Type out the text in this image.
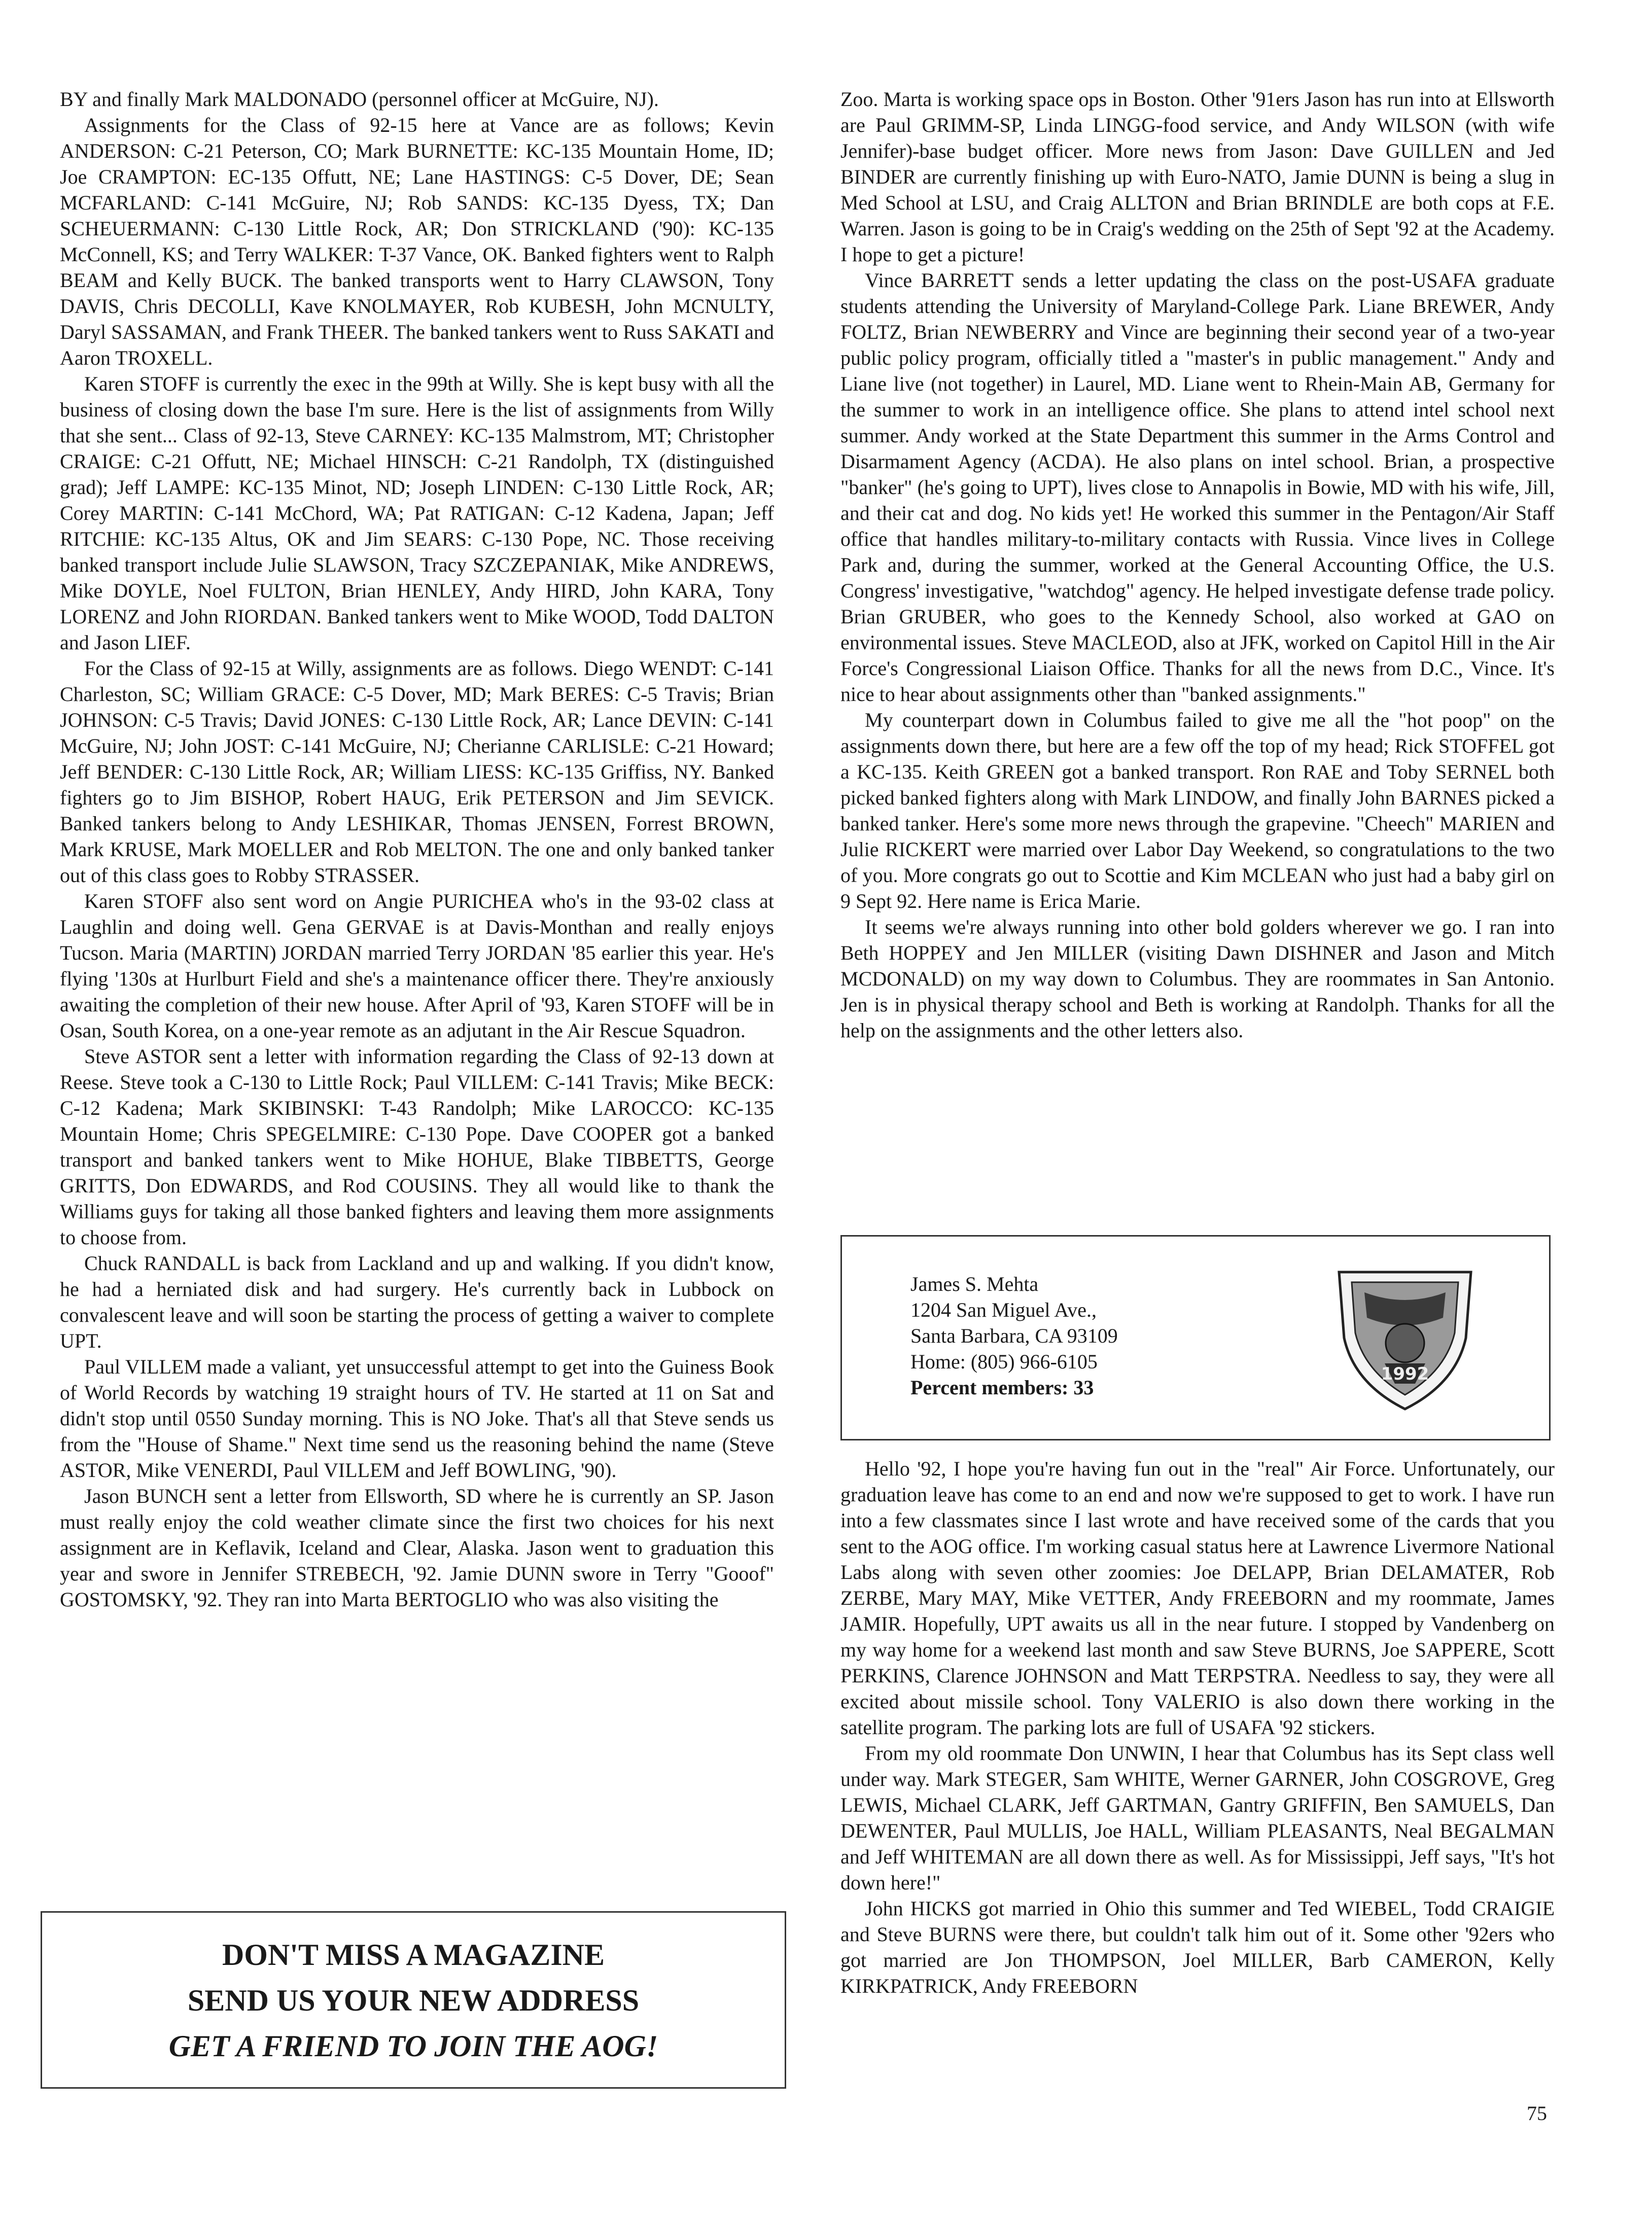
BY and finally Mark MALDONADO (personnel officer at McGuire, NJ).

Assignments for the Class of 92-15 here at Vance are as follows; Kevin ANDERSON: C-21 Peterson, CO; Mark BURNETTE: KC-135 Mountain Home, ID; Joe CRAMPTON: EC-135 Offutt, NE; Lane HASTINGS: C-5 Dover, DE; Sean MCFARLAND: C-141 McGuire, NJ; Rob SANDS: KC-135 Dyess, TX; Dan SCHEUERMANN: C-130 Little Rock, AR; Don STRICKLAND ('90): KC-135 McConnell, KS; and Terry WALKER: T-37 Vance, OK. Banked fighters went to Ralph BEAM and Kelly BUCK. The banked transports went to Harry CLAWSON, Tony DAVIS, Chris DECOLLI, Kave KNOLMAYER, Rob KUBESH, John MCNULTY, Daryl SASSAMAN, and Frank THEER. The banked tankers went to Russ SAKATI and Aaron TROXELL.

Karen STOFF is currently the exec in the 99th at Willy. She is kept busy with all the business of closing down the base I'm sure. Here is the list of assignments from Willy that she sent... Class of 92-13, Steve CARNEY: KC-135 Malmstrom, MT; Christopher CRAIGE: C-21 Offutt, NE; Michael HINSCH: C-21 Randolph, TX (distinguished grad); Jeff LAMPE: KC-135 Minot, ND; Joseph LINDEN: C-130 Little Rock, AR; Corey MARTIN: C-141 McChord, WA; Pat RATIGAN: C-12 Kadena, Japan; Jeff RITCHIE: KC-135 Altus, OK and Jim SEARS: C-130 Pope, NC. Those receiving banked transport include Julie SLAWSON, Tracy SZCZEPANIAK, Mike ANDREWS, Mike DOYLE, Noel FULTON, Brian HENLEY, Andy HIRD, John KARA, Tony LORENZ and John RIORDAN. Banked tankers went to Mike WOOD, Todd DALTON and Jason LIEF.

For the Class of 92-15 at Willy, assignments are as follows. Diego WENDT: C-141 Charleston, SC; William GRACE: C-5 Dover, MD; Mark BERES: C-5 Travis; Brian JOHNSON: C-5 Travis; David JONES: C-130 Little Rock, AR; Lance DEVIN: C-141 McGuire, NJ; John JOST: C-141 McGuire, NJ; Cherianne CARLISLE: C-21 Howard; Jeff BENDER: C-130 Little Rock, AR; William LIESS: KC-135 Griffiss, NY. Banked fighters go to Jim BISHOP, Robert HAUG, Erik PETERSON and Jim SEVICK. Banked tankers belong to Andy LESHIKAR, Thomas JENSEN, Forrest BROWN, Mark KRUSE, Mark MOELLER and Rob MELTON. The one and only banked tanker out of this class goes to Robby STRASSER.

Karen STOFF also sent word on Angie PURICHEA who's in the 93-02 class at Laughlin and doing well. Gena GERVAE is at Davis-Monthan and really enjoys Tucson. Maria (MARTIN) JORDAN married Terry JORDAN '85 earlier this year. He's flying '130s at Hurlburt Field and she's a maintenance officer there. They're anxiously awaiting the completion of their new house. After April of '93, Karen STOFF will be in Osan, South Korea, on a one-year remote as an adjutant in the Air Rescue Squadron.

Steve ASTOR sent a letter with information regarding the Class of 92-13 down at Reese. Steve took a C-130 to Little Rock; Paul VILLEM: C-141 Travis; Mike BECK: C-12 Kadena; Mark SKIBINSKI: T-43 Randolph; Mike LAROCCO: KC-135 Mountain Home; Chris SPEGELMIRE: C-130 Pope. Dave COOPER got a banked transport and banked tankers went to Mike HOHUE, Blake TIBBETTS, George GRITTS, Don EDWARDS, and Rod COUSINS. They all would like to thank the Williams guys for taking all those banked fighters and leaving them more assignments to choose from.

Chuck RANDALL is back from Lackland and up and walking. If you didn't know, he had a herniated disk and had surgery. He's currently back in Lubbock on convalescent leave and will soon be starting the process of getting a waiver to complete UPT.

Paul VILLEM made a valiant, yet unsuccessful attempt to get into the Guiness Book of World Records by watching 19 straight hours of TV. He started at 11 on Sat and didn't stop until 0550 Sunday morning. This is NO Joke. That's all that Steve sends us from the "House of Shame." Next time send us the reasoning behind the name (Steve ASTOR, Mike VENERDI, Paul VILLEM and Jeff BOWLING, '90).

Jason BUNCH sent a letter from Ellsworth, SD where he is currently an SP. Jason must really enjoy the cold weather climate since the first two choices for his next assignment are in Keflavik, Iceland and Clear, Alaska. Jason went to graduation this year and swore in Jennifer STREBECH, '92. Jamie DUNN swore in Terry "Gooof" GOSTOMSKY, '92. They ran into Marta BERTOGLIO who was also visiting the

DON'T MISS A MAGAZINE
SEND US YOUR NEW ADDRESS
GET A FRIEND TO JOIN THE AOG!

Zoo. Marta is working space ops in Boston. Other '91ers Jason has run into at Ellsworth are Paul GRIMM-SP, Linda LINGG-food service, and Andy WILSON (with wife Jennifer)-base budget officer. More news from Jason: Dave GUILLEN and Jed BINDER are currently finishing up with Euro-NATO, Jamie DUNN is being a slug in Med School at LSU, and Craig ALLTON and Brian BRINDLE are both cops at F.E. Warren. Jason is going to be in Craig's wedding on the 25th of Sept '92 at the Academy. I hope to get a picture!

Vince BARRETT sends a letter updating the class on the post-USAFA graduate students attending the University of Maryland-College Park. Liane BREWER, Andy FOLTZ, Brian NEWBERRY and Vince are beginning their second year of a two-year public policy program, officially titled a "master's in public management." Andy and Liane live (not together) in Laurel, MD. Liane went to Rhein-Main AB, Germany for the summer to work in an intelligence office. She plans to attend intel school next summer. Andy worked at the State Department this summer in the Arms Control and Disarmament Agency (ACDA). He also plans on intel school. Brian, a prospective "banker" (he's going to UPT), lives close to Annapolis in Bowie, MD with his wife, Jill, and their cat and dog. No kids yet! He worked this summer in the Pentagon/Air Staff office that handles military-to-military contacts with Russia. Vince lives in College Park and, during the summer, worked at the General Accounting Office, the U.S. Congress' investigative, "watchdog" agency. He helped investigate defense trade policy. Brian GRUBER, who goes to the Kennedy School, also worked at GAO on environmental issues. Steve MACLEOD, also at JFK, worked on Capitol Hill in the Air Force's Congressional Liaison Office. Thanks for all the news from D.C., Vince. It's nice to hear about assignments other than "banked assignments."

My counterpart down in Columbus failed to give me all the "hot poop" on the assignments down there, but here are a few off the top of my head; Rick STOFFEL got a KC-135. Keith GREEN got a banked transport. Ron RAE and Toby SERNEL both picked banked fighters along with Mark LINDOW, and finally John BARNES picked a banked tanker. Here's some more news through the grapevine. "Cheech" MARIEN and Julie RICKERT were married over Labor Day Weekend, so congratulations to the two of you. More congrats go out to Scottie and Kim MCLEAN who just had a baby girl on 9 Sept 92. Here name is Erica Marie.

It seems we're always running into other bold golders wherever we go. I ran into Beth HOPPEY and Jen MILLER (visiting Dawn DISHNER and Jason and Mitch MCDONALD) on my way down to Columbus. They are roommates in San Antonio. Jen is in physical therapy school and Beth is working at Randolph. Thanks for all the help on the assignments and the other letters also.

James S. Mehta
1204 San Miguel Ave.,
Santa Barbara, CA 93109
Home: (805) 966-6105
Percent members: 33
1992

Hello '92, I hope you're having fun out in the "real" Air Force. Unfortunately, our graduation leave has come to an end and now we're supposed to get to work. I have run into a few classmates since I last wrote and have received some of the cards that you sent to the AOG office. I'm working casual status here at Lawrence Livermore National Labs along with seven other zoomies: Joe DELAPP, Brian DELAMATER, Rob ZERBE, Mary MAY, Mike VETTER, Andy FREEBORN and my roommate, James JAMIR. Hopefully, UPT awaits us all in the near future. I stopped by Vandenberg on my way home for a weekend last month and saw Steve BURNS, Joe SAPPERE, Scott PERKINS, Clarence JOHNSON and Matt TERPSTRA. Needless to say, they were all excited about missile school. Tony VALERIO is also down there working in the satellite program. The parking lots are full of USAFA '92 stickers.

From my old roommate Don UNWIN, I hear that Columbus has its Sept class well under way. Mark STEGER, Sam WHITE, Werner GARNER, John COSGROVE, Greg LEWIS, Michael CLARK, Jeff GARTMAN, Gantry GRIFFIN, Ben SAMUELS, Dan DEWENTER, Paul MULLIS, Joe HALL, William PLEASANTS, Neal BEGALMAN and Jeff WHITEMAN are all down there as well. As for Mississippi, Jeff says, "It's hot down here!"

John HICKS got married in Ohio this summer and Ted WIEBEL, Todd CRAIGIE and Steve BURNS were there, but couldn't talk him out of it. Some other '92ers who got married are Jon THOMPSON, Joel MILLER, Barb CAMERON, Kelly KIRKPATRICK, Andy FREEBORN

75
